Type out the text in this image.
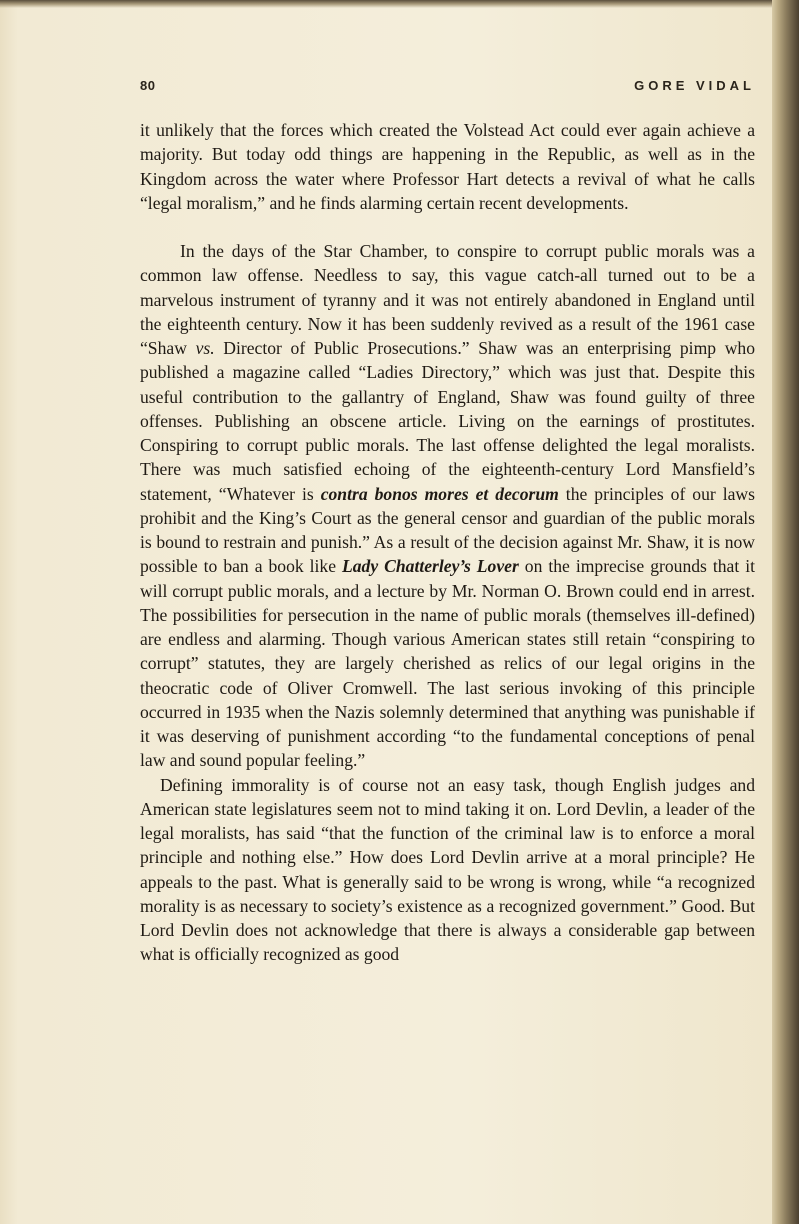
80	GORE VIDAL

it unlikely that the forces which created the Volstead Act could ever again achieve a majority. But today odd things are happening in the Republic, as well as in the Kingdom across the water where Professor Hart detects a revival of what he calls “legal moralism,” and he finds alarming certain recent developments.

In the days of the Star Chamber, to conspire to corrupt public morals was a common law offense. Needless to say, this vague catch-all turned out to be a marvelous instrument of tyranny and it was not entirely abandoned in England until the eighteenth century. Now it has been suddenly revived as a result of the 1961 case “Shaw vs. Director of Public Prosecutions.” Shaw was an enterprising pimp who published a magazine called “Ladies Directory,” which was just that. Despite this useful contribution to the gallantry of England, Shaw was found guilty of three offenses. Publishing an obscene article. Living on the earnings of prostitutes. Conspiring to corrupt public morals. The last offense delighted the legal moralists. There was much satisfied echoing of the eighteenth-century Lord Mansfield’s statement, “Whatever is contra bonos mores et decorum the principles of our laws prohibit and the King’s Court as the general censor and guardian of the public morals is bound to restrain and punish.” As a result of the decision against Mr. Shaw, it is now possible to ban a book like Lady Chatterley’s Lover on the imprecise grounds that it will corrupt public morals, and a lecture by Mr. Norman O. Brown could end in arrest. The possibilities for persecution in the name of public morals (themselves ill-defined) are endless and alarming. Though various American states still retain “conspiring to corrupt” statutes, they are largely cherished as relics of our legal origins in the theocratic code of Oliver Cromwell. The last serious invoking of this principle occurred in 1935 when the Nazis solemnly determined that anything was punishable if it was deserving of punishment according “to the fundamental conceptions of penal law and sound popular feeling.”

Defining immorality is of course not an easy task, though English judges and American state legislatures seem not to mind taking it on. Lord Devlin, a leader of the legal moralists, has said “that the function of the criminal law is to enforce a moral principle and nothing else.” How does Lord Devlin arrive at a moral principle? He appeals to the past. What is generally said to be wrong is wrong, while “a recognized morality is as necessary to society’s existence as a recognized government.” Good. But Lord Devlin does not acknowledge that there is always a considerable gap between what is officially recognized as good
